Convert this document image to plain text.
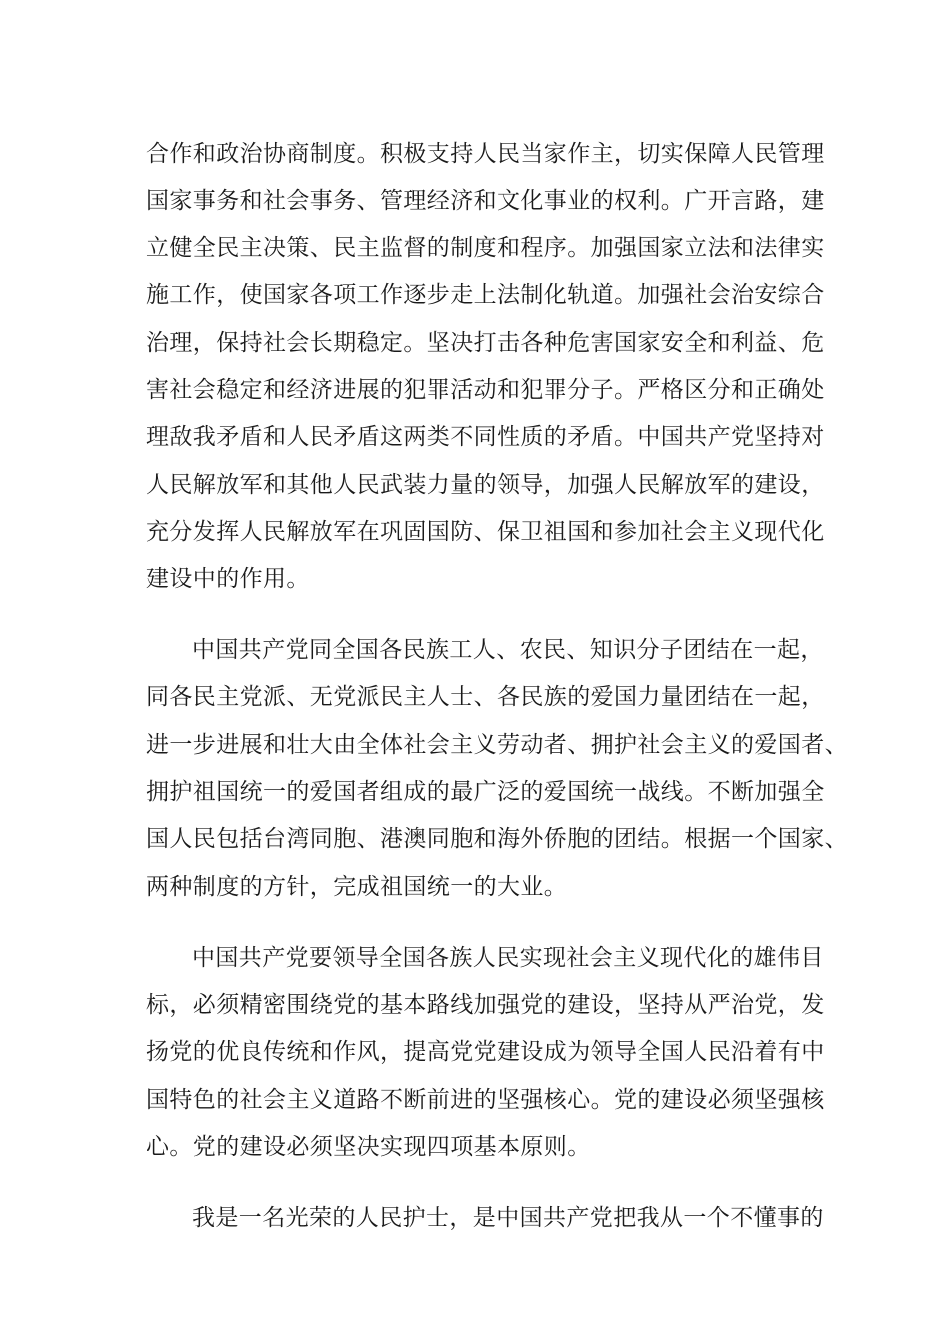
合作和政治协商制度。积极支持人民当家作主，切实保障人民管理

国家事务和社会事务、管理经济和文化事业的权利。广开言路，建

立健全民主决策、民主监督的制度和程序。加强国家立法和法律实

施工作，使国家各项工作逐步走上法制化轨道。加强社会治安综合

治理，保持社会长期稳定。坚决打击各种危害国家安全和利益、危

害社会稳定和经济进展的犯罪活动和犯罪分子。严格区分和正确处

理敌我矛盾和人民矛盾这两类不同性质的矛盾。中国共产党坚持对

人民解放军和其他人民武装力量的领导，加强人民解放军的建设，

充分发挥人民解放军在巩固国防、保卫祖国和参加社会主义现代化

建设中的作用。

中国共产党同全国各民族工人、农民、知识分子团结在一起，

同各民主党派、无党派民主人士、各民族的爱国力量团结在一起，

进一步进展和壮大由全体社会主义劳动者、拥护社会主义的爱国者、

拥护祖国统一的爱国者组成的最广泛的爱国统一战线。不断加强全

国人民包括台湾同胞、港澳同胞和海外侨胞的团结。根据一个国家、

两种制度的方针，完成祖国统一的大业。

中国共产党要领导全国各族人民实现社会主义现代化的雄伟目

标，必须精密围绕党的基本路线加强党的建设，坚持从严治党，发

扬党的优良传统和作风，提高党党建设成为领导全国人民沿着有中

国特色的社会主义道路不断前进的坚强核心。党的建设必须坚强核

心。党的建设必须坚决实现四项基本原则。

我是一名光荣的人民护士，是中国共产党把我从一个不懂事的
